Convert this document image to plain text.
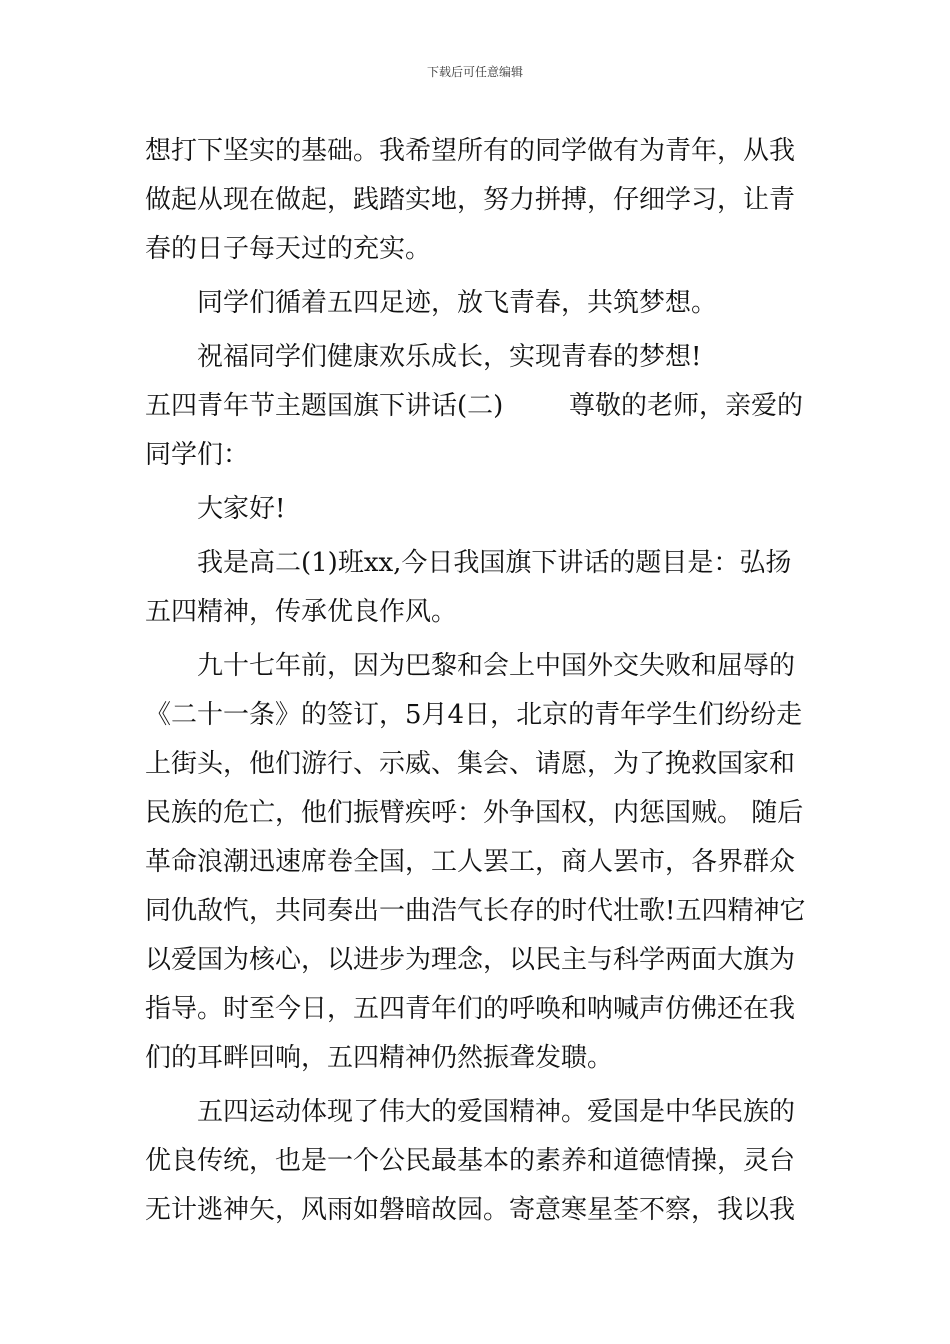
下载后可任意编辑
想打下坚实的基础。我希望所有的同学做有为青年，从我
做起从现在做起，践踏实地，努力拼搏，仔细学习，让青
春的日子每天过的充实。
同学们循着五四足迹，放飞青春，共筑梦想。
祝福同学们健康欢乐成长，实现青春的梦想!
五四青年节主题国旗下讲话(二)	尊敬的老师，亲爱的
同学们：
大家好!
我是高二(1)班xx,今日我国旗下讲话的题目是：弘扬
五四精神，传承优良作风。
九十七年前，因为巴黎和会上中国外交失败和屈辱的
《二十一条》的签订，5月4日，北京的青年学生们纷纷走
上街头，他们游行、示威、集会、请愿，为了挽救国家和
民族的危亡，他们振臂疾呼：外争国权，内惩国贼。 随后
革命浪潮迅速席卷全国，工人罢工，商人罢市，各界群众
同仇敌忾，共同奏出一曲浩气长存的时代壮歌!五四精神它
以爱国为核心，以进步为理念，以民主与科学两面大旗为
指导。时至今日，五四青年们的呼唤和呐喊声仿佛还在我
们的耳畔回响，五四精神仍然振聋发聩。
五四运动体现了伟大的爱国精神。爱国是中华民族的
优良传统，也是一个公民最基本的素养和道德情操，灵台
无计逃神矢，风雨如磐暗故园。寄意寒星荃不察，我以我
